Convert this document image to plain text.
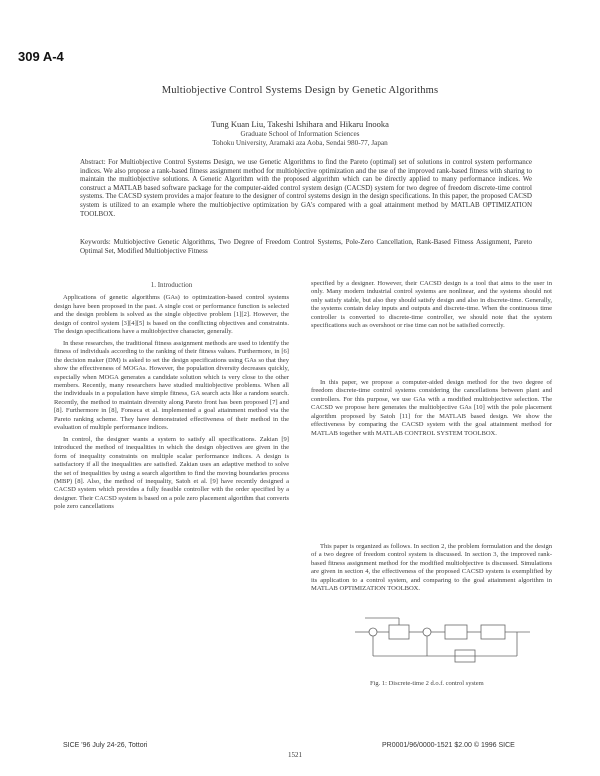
309 A-4
Multiobjective Control Systems Design by Genetic Algorithms
Tung Kuan Liu, Takeshi Ishihara and Hikaru Inooka
Graduate School of Information Sciences
Tohoku University, Aramaki aza Aoba, Sendai 980-77, Japan
Abstract: For Multiobjective Control Systems Design, we use Genetic Algorithms to find the Pareto (optimal) set of solutions in control system performance indices. We also propose a rank-based fitness assignment method for multiobjective optimization and the use of the improved rank-based fitness with sharing to maintain the multiobjective solutions. A Genetic Algorithm with the proposed algorithm which can be directly applied to many performance indices. We construct a MATLAB based software package for the computer-aided control system design (CACSD) system for two degree of freedom discrete-time control systems. The CACSD system provides a major feature to the designer of control systems design in the design specifications. In this paper, the proposed CACSD system is utilized to an example where the multiobjective optimization by GA's compared with a goal attainment method by MATLAB OPTIMIZATION TOOLBOX.
Keywords: Multiobjective Genetic Algorithms, Two Degree of Freedom Control Systems, Pole-Zero Cancellation, Rank-Based Fitness Assignment, Pareto Optimal Set, Modified Multiobjective Fitness
1. Introduction

Applications of genetic algorithms (GAs) to optimization-based control systems design have been proposed in the past. A single cost or performance function is selected and the design problem is solved as the single objective problem [1][2]. However, the design of control system [3][4][5] is based on the conflicting objectives and constraints. The design specifications have a multiobjective character, generally.

In these researches, the traditional fitness assignment methods are used to identify the fitness of individuals according to the ranking of their fitness values. Furthermore, in [6] the decision maker (DM) is asked to set the design specifications using GAs so that they show the effectiveness of MOGAs. However, the population diversity decreases quickly, especially when MOGA generates a candidate solution which is very close to the other members. Recently, many researchers have studied multiobjective problems. When all the individuals in a population have simple fitness, GA search acts like a random search. Recently, the method to maintain diversity along Pareto front has been proposed [7] and [8]. Furthermore in [8], Fonseca et al. implemented a goal attainment method via the Pareto ranking scheme. They have demonstrated effectiveness of their method in the evaluation of multiple performance indices.

In control, the designer wants a system to satisfy all specifications. Zakian [9] introduced the method of inequalities in which the design objectives are given in the form of inequality constraints on multiple scalar performance indices. A design is satisfactory if all the inequalities are satisfied. Zakian uses an adaptive method to solve the set of inequalities by using a search algorithm to find the moving boundaries process (MBP) [8]. Also, the method of inequality, Satoh et al. [9] have recently designed a CACSD system which provides a fully feasible controller with the order specified by a designer. Their CACSD system is based on a pole zero placement algorithm that converts pole zero cancellations

specified by a designer. However, their CACSD design is a tool that aims to the user in only. Many modern industrial control systems are nonlinear, and the systems should not only satisfy stable, but also they should satisfy design and also in discrete-time. Generally, the systems contain delay inputs and outputs and discrete-time. When the continuous time controller is converted to discrete-time controller, we should note that the system specifications such as overshoot or rise time can not be satisfied correctly.

In this paper, we propose a computer-aided design method for the two degree of freedom discrete-time control systems considering the cancellations between plant and controllers. For this purpose, we use GAs with a modified multiobjective selection. The CACSD we propose here generates the multiobjective GAs [10] with the pole placement algorithm proposed by Satoh [11] for the MATLAB based design. We show the effectiveness by comparing the CACSD system with the goal attainment method for MATLAB together with MATLAB CONTROL SYSTEM TOOLBOX.

This paper is organized as follows. In section 2, the problem formulation and the design of a two degree of freedom control system is discussed. In section 3, the improved rank-based fitness assignment method for the modified multiobjective is discussed. Simulations are given in section 4, the effectiveness of the proposed CACSD system is exemplified by its application to a control system, and comparing to the goal attainment algorithm in MATLAB OPTIMIZATION TOOLBOX.

Fig. 1: Discrete-time 2 d.o.f. control system
SICE '96 July 24-26, Tottori	PR0001/96/0000-1521 $2.00 © 1996 SICE
1521
